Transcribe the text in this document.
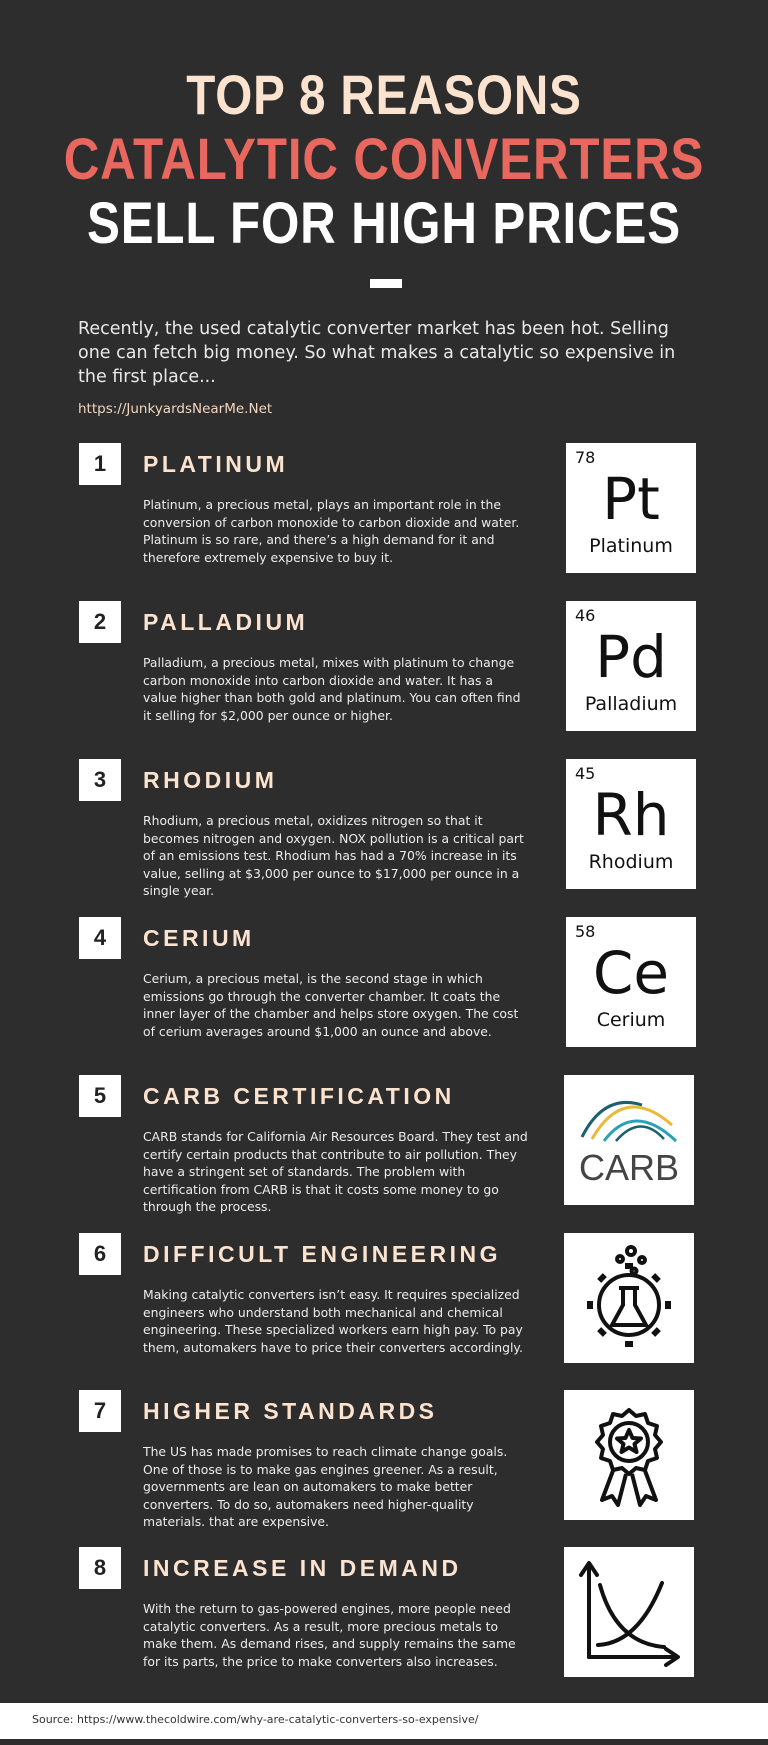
TOP 8 REASONS
CATALYTIC CONVERTERS
SELL FOR HIGH PRICES
Recently, the used catalytic converter market has been hot. Selling one can fetch big money. So what makes a catalytic so expensive in the first place...
https://JunkyardsNearMe.Net
1	PLATINUM
Platinum, a precious metal, plays an important role in the conversion of carbon monoxide to carbon dioxide and water. Platinum is so rare, and there’s a high demand for it and therefore extremely expensive to buy it.
78
Pt
Platinum
2	PALLADIUM
Palladium, a precious metal, mixes with platinum to change carbon monoxide into carbon dioxide and water. It has a value higher than both gold and platinum. You can often find it selling for $2,000 per ounce or higher.
46
Pd
Palladium
3	RHODIUM
Rhodium, a precious metal, oxidizes nitrogen so that it becomes nitrogen and oxygen. NOX pollution is a critical part of an emissions test. Rhodium has had a 70% increase in its value, selling at $3,000 per ounce to $17,000 per ounce in a single year.
45
Rh
Rhodium
4	CERIUM
Cerium, a precious metal, is the second stage in which emissions go through the converter chamber. It coats the inner layer of the chamber and helps store oxygen. The cost of cerium averages around $1,000 an ounce and above.
58
Ce
Cerium
5	CARB CERTIFICATION
CARB stands for California Air Resources Board. They test and certify certain products that contribute to air pollution. They have a stringent set of standards. The problem with certification from CARB is that it costs some money to go through the process.
CARB
6	DIFFICULT ENGINEERING
Making catalytic converters isn’t easy. It requires specialized engineers who understand both mechanical and chemical engineering. These specialized workers earn high pay. To pay them, automakers have to price their converters accordingly.
7	HIGHER STANDARDS
The US has made promises to reach climate change goals. One of those is to make gas engines greener. As a result, governments are lean on automakers to make better converters. To do so, automakers need higher-quality materials. that are expensive.
8	INCREASE IN DEMAND
With the return to gas-powered engines, more people need catalytic converters. As a result, more precious metals to make them. As demand rises, and supply remains the same for its parts, the price to make converters also increases.
Source: https://www.thecoldwire.com/why-are-catalytic-converters-so-expensive/
